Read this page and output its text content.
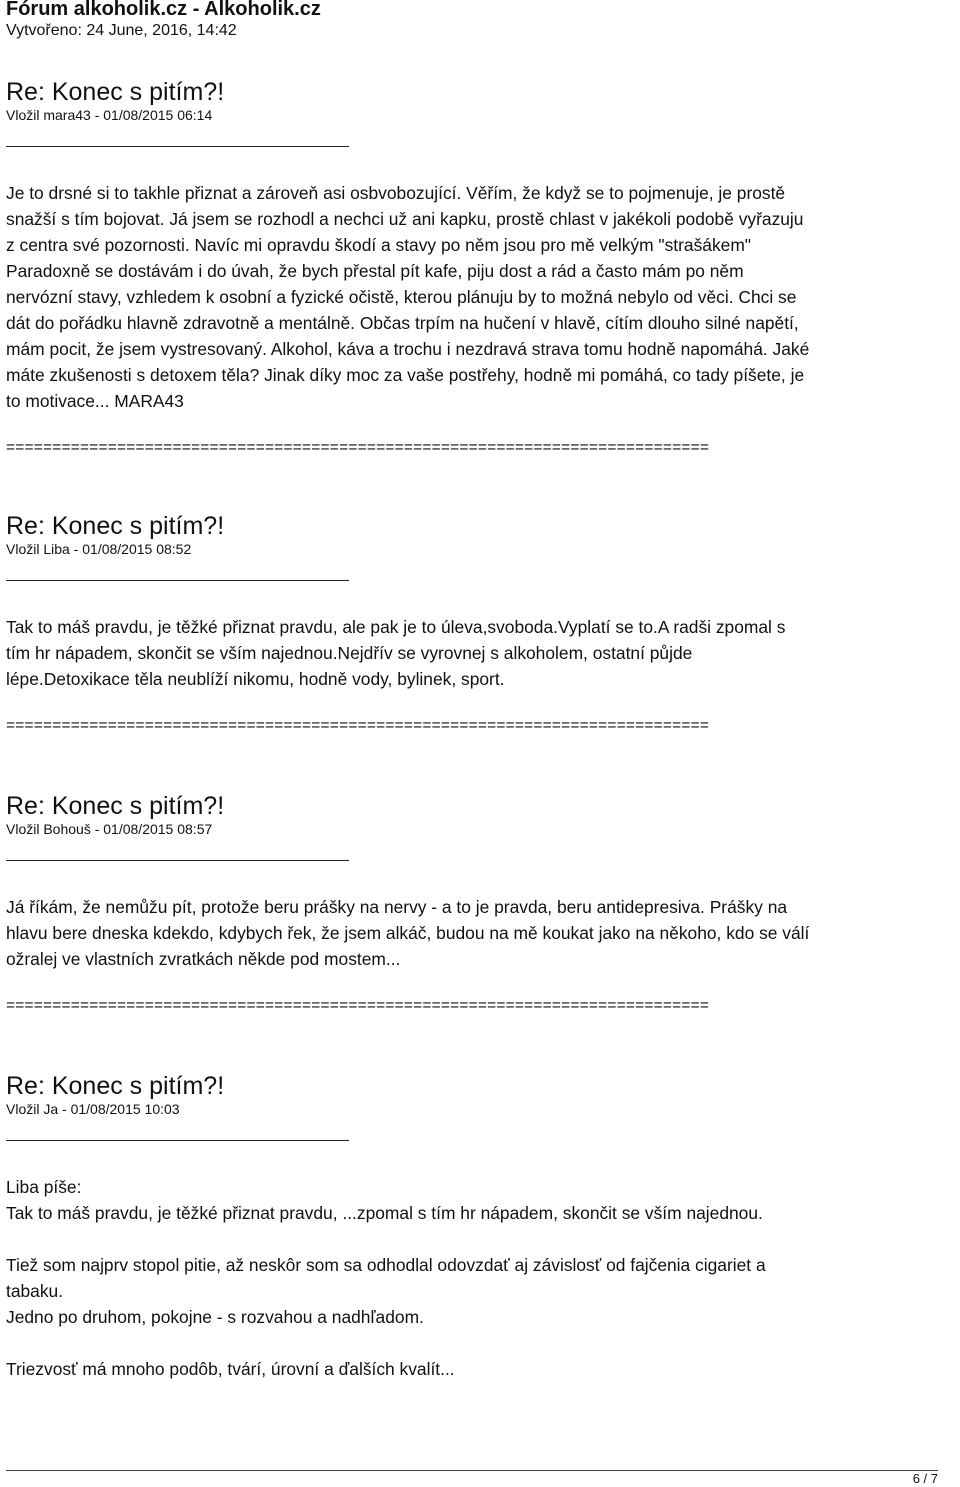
Fórum alkoholik.cz - Alkoholik.cz
Vytvořeno: 24 June, 2016, 14:42
Re: Konec s pitím?!
Vložil mara43 - 01/08/2015 06:14

Je to drsné si to takhle přiznat a zároveň asi osbvobozující. Věřím, že když se to pojmenuje, je prostě

snažší s tím bojovat. Já jsem se rozhodl a nechci už ani kapku, prostě chlast v jakékoli podobě vyřazuju

z centra své pozornosti. Navíc mi opravdu škodí a stavy po něm jsou pro mě velkým "strašákem"

Paradoxně se dostávám i do úvah, že bych přestal pít kafe, piju dost a rád a často mám po něm

nervózní stavy, vzhledem k osobní a fyzické očistě, kterou plánuju by to možná nebylo od věci. Chci se

dát do pořádku hlavně zdravotně a mentálně. Občas trpím na hučení v hlavě, cítím dlouho silné napětí,

mám pocit, že jsem vystresovaný. Alkohol, káva a trochu i nezdravá strava tomu hodně napomáhá. Jaké

máte zkušenosti s detoxem těla? Jinak díky moc za vaše postřehy, hodně mi pomáhá, co tady píšete, je

to motivace... MARA43

============================================================================
Re: Konec s pitím?!
Vložil Liba - 01/08/2015 08:52

Tak to máš pravdu, je těžké přiznat pravdu, ale pak je to úleva,svoboda.Vyplatí se to.A radši zpomal s

tím hr nápadem, skončit se vším najednou.Nejdřív se vyrovnej s alkoholem, ostatní půjde

lépe.Detoxikace těla neublíží nikomu, hodně vody, bylinek, sport.

============================================================================
Re: Konec s pitím?!
Vložil Bohouš - 01/08/2015 08:57

Já říkám, že nemůžu pít, protože beru prášky na nervy - a to je pravda, beru antidepresiva. Prášky na

hlavu bere dneska kdekdo, kdybych řek, že jsem alkáč, budou na mě koukat jako na někoho, kdo se válí

ožralej ve vlastních zvratkách někde pod mostem...

============================================================================
Re: Konec s pitím?!
Vložil Ja - 01/08/2015 10:03

Liba píše:

Tak to máš pravdu, je těžké přiznat pravdu, ...zpomal s tím hr nápadem, skončit se vším najednou.

Tiež som najprv stopol pitie, až neskôr som sa odhodlal odovzdať aj závislosť od fajčenia cigariet a

tabaku.

Jedno po druhom, pokojne - s rozvahou a nadhľadom.

Triezvosť má mnoho podôb, tvárí, úrovní a ďalších kvalít...

6 / 7
